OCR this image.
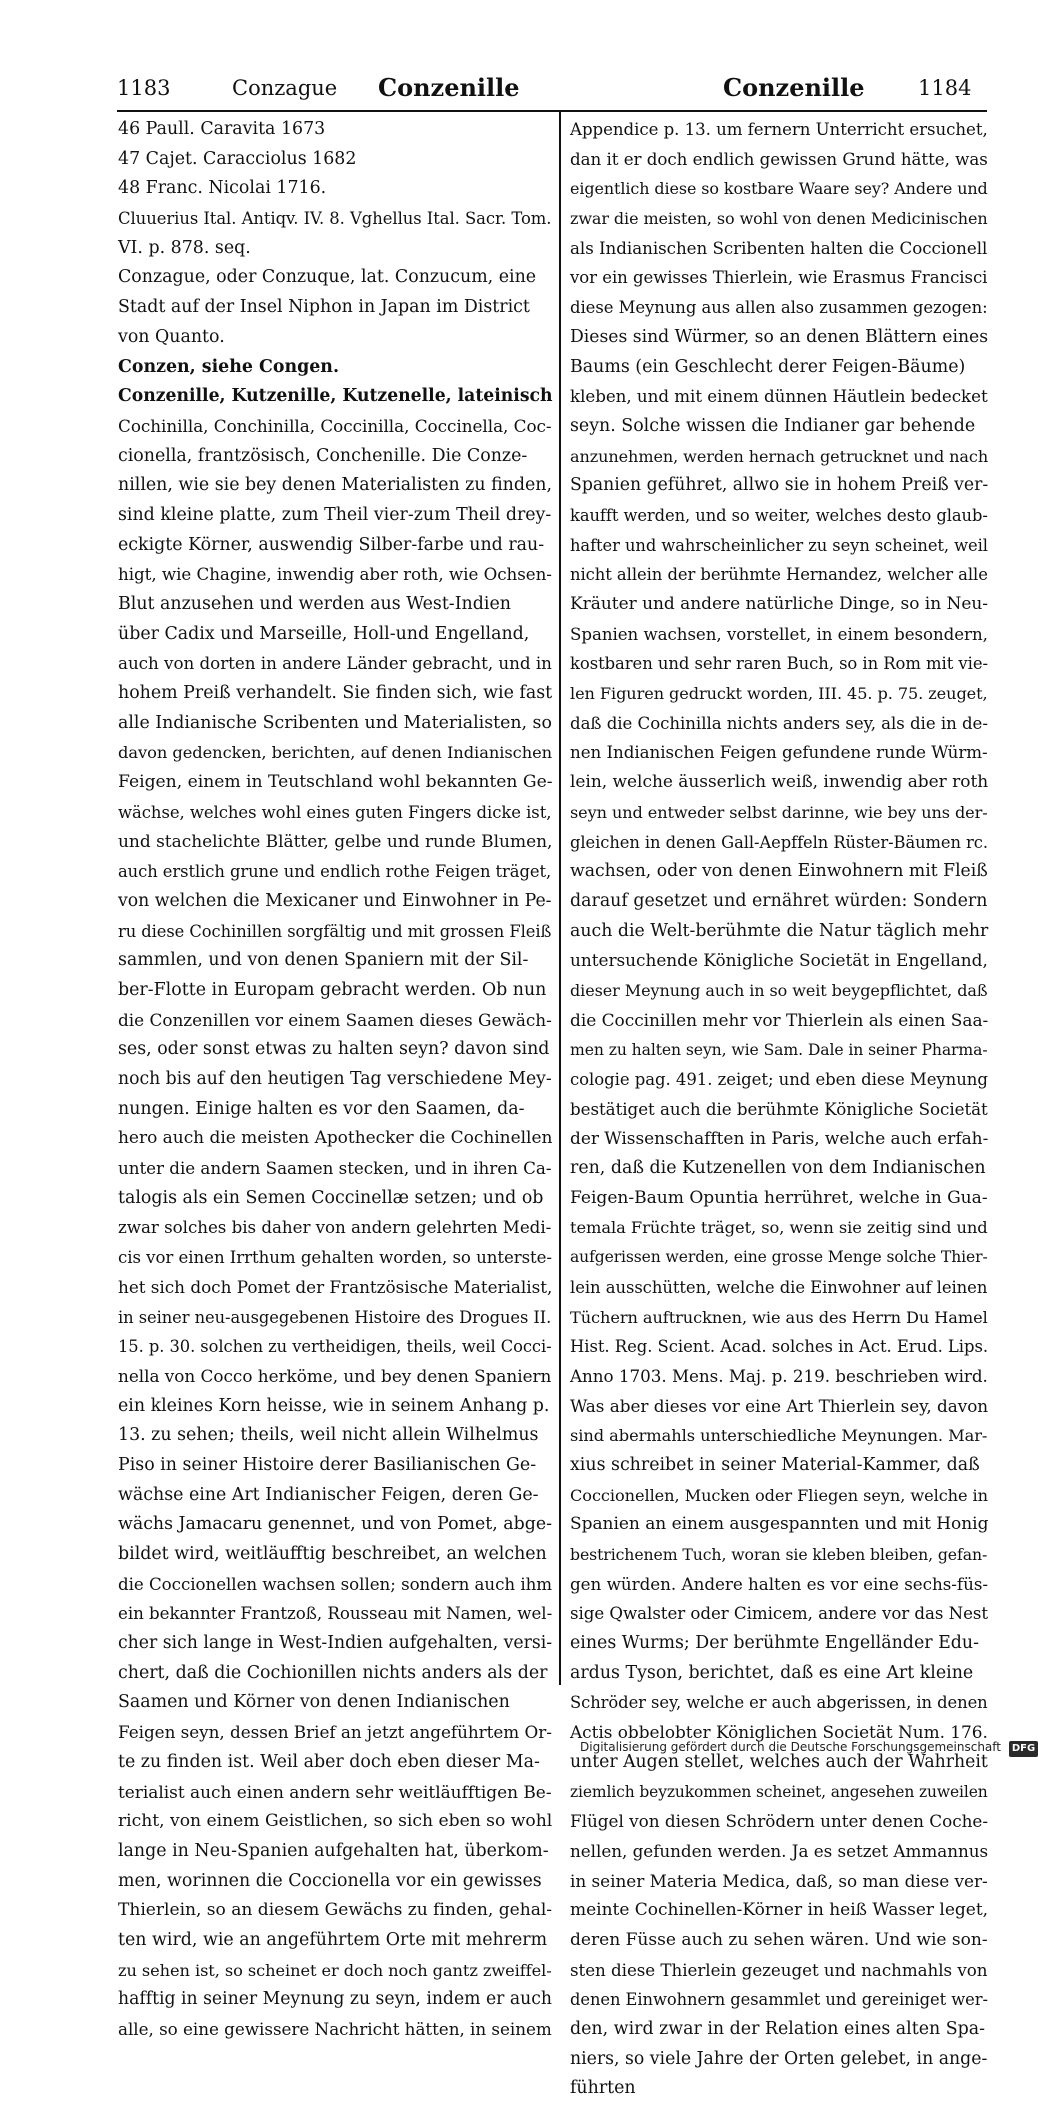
1183	Conzague Conzenille	Conzenille	1184
46 Paull. Caravita 1673
47 Cajet. Caracciolus 1682
48 Franc. Nicolai 1716.
Cluuerius Ital. Antiqv. IV. 8. Vghellus Ital. Sacr. Tom.
VI. p. 878. seq.
Conzague, oder Conzuque, lat. Conzucum, eine
Stadt auf der Insel Niphon in Japan im District
von Quanto.
Conzen, siehe Congen.
Conzenille, Kutzenille, Kutzenelle, lateinisch
Cochinilla, Conchinilla, Coccinilla, Coccinella, Coc-
cionella, frantzösisch, Conchenille. Die Conze-
nillen, wie sie bey denen Materialisten zu finden,
sind kleine platte, zum Theil vier-zum Theil drey-
eckigte Körner, auswendig Silber-farbe und rau-
higt, wie Chagine, inwendig aber roth, wie Ochsen-
Blut anzusehen und werden aus West-Indien
über Cadix und Marseille, Holl-und Engelland,
auch von dorten in andere Länder gebracht, und in
hohem Preiß verhandelt. Sie finden sich, wie fast
alle Indianische Scribenten und Materialisten, so
davon gedencken, berichten, auf denen Indianischen
Feigen, einem in Teutschland wohl bekannten Ge-
wächse, welches wohl eines guten Fingers dicke ist,
und stachelichte Blätter, gelbe und runde Blumen,
auch erstlich grune und endlich rothe Feigen träget,
von welchen die Mexicaner und Einwohner in Pe-
ru diese Cochinillen sorgfältig und mit grossen Fleiß
sammlen, und von denen Spaniern mit der Sil-
ber-Flotte in Europam gebracht werden. Ob nun
die Conzenillen vor einem Saamen dieses Gewäch-
ses, oder sonst etwas zu halten seyn? davon sind
noch bis auf den heutigen Tag verschiedene Mey-
nungen. Einige halten es vor den Saamen, da-
hero auch die meisten Apothecker die Cochinellen
unter die andern Saamen stecken, und in ihren Ca-
talogis als ein Semen Coccinellæ setzen; und ob
zwar solches bis daher von andern gelehrten Medi-
cis vor einen Irrthum gehalten worden, so unterste-
het sich doch Pomet der Frantzösische Materialist,
in seiner neu-ausgegebenen Histoire des Drogues II.
15. p. 30. solchen zu vertheidigen, theils, weil Cocci-
nella von Cocco herköme, und bey denen Spaniern
ein kleines Korn heisse, wie in seinem Anhang p.
13. zu sehen; theils, weil nicht allein Wilhelmus
Piso in seiner Histoire derer Basilianischen Ge-
wächse eine Art Indianischer Feigen, deren Ge-
wächs Jamacaru genennet, und von Pomet, abge-
bildet wird, weitläufftig beschreibet, an welchen
die Coccionellen wachsen sollen; sondern auch ihm
ein bekannter Frantzoß, Rousseau mit Namen, wel-
cher sich lange in West-Indien aufgehalten, versi-
chert, daß die Cochionillen nichts anders als der
Saamen und Körner von denen Indianischen
Feigen seyn, dessen Brief an jetzt angeführtem Or-
te zu finden ist. Weil aber doch eben dieser Ma-
terialist auch einen andern sehr weitläufftigen Be-
richt, von einem Geistlichen, so sich eben so wohl
lange in Neu-Spanien aufgehalten hat, überkom-
men, worinnen die Coccionella vor ein gewisses
Thierlein, so an diesem Gewächs zu finden, gehal-
ten wird, wie an angeführtem Orte mit mehrerm
zu sehen ist, so scheinet er doch noch gantz zweiffel-
hafftig in seiner Meynung zu seyn, indem er auch
alle, so eine gewissere Nachricht hätten, in seinem
Appendice p. 13. um fernern Unterricht ersuchet,
dan it er doch endlich gewissen Grund hätte, was
eigentlich diese so kostbare Waare sey? Andere und
zwar die meisten, so wohl von denen Medicinischen
als Indianischen Scribenten halten die Coccionell
vor ein gewisses Thierlein, wie Erasmus Francisci
diese Meynung aus allen also zusammen gezogen:
Dieses sind Würmer, so an denen Blättern eines
Baums (ein Geschlecht derer Feigen-Bäume)
kleben, und mit einem dünnen Häutlein bedecket
seyn. Solche wissen die Indianer gar behende
anzunehmen, werden hernach getrucknet und nach
Spanien geführet, allwo sie in hohem Preiß ver-
kaufft werden, und so weiter, welches desto glaub-
hafter und wahrscheinlicher zu seyn scheinet, weil
nicht allein der berühmte Hernandez, welcher alle
Kräuter und andere natürliche Dinge, so in Neu-
Spanien wachsen, vorstellet, in einem besondern,
kostbaren und sehr raren Buch, so in Rom mit vie-
len Figuren gedruckt worden, III. 45. p. 75. zeuget,
daß die Cochinilla nichts anders sey, als die in de-
nen Indianischen Feigen gefundene runde Würm-
lein, welche äusserlich weiß, inwendig aber roth
seyn und entweder selbst darinne, wie bey uns der-
gleichen in denen Gall-Aepffeln Rüster-Bäumen rc.
wachsen, oder von denen Einwohnern mit Fleiß
darauf gesetzet und ernähret würden: Sondern
auch die Welt-berühmte die Natur täglich mehr
untersuchende Königliche Societät in Engelland,
dieser Meynung auch in so weit beygepflichtet, daß
die Coccinillen mehr vor Thierlein als einen Saa-
men zu halten seyn, wie Sam. Dale in seiner Pharma-
cologie pag. 491. zeiget; und eben diese Meynung
bestätiget auch die berühmte Königliche Societät
der Wissenschafften in Paris, welche auch erfah-
ren, daß die Kutzenellen von dem Indianischen
Feigen-Baum Opuntia herrühret, welche in Gua-
temala Früchte träget, so, wenn sie zeitig sind und
aufgerissen werden, eine grosse Menge solche Thier-
lein ausschütten, welche die Einwohner auf leinen
Tüchern auftrucknen, wie aus des Herrn Du Hamel
Hist. Reg. Scient. Acad. solches in Act. Erud. Lips.
Anno 1703. Mens. Maj. p. 219. beschrieben wird.
Was aber dieses vor eine Art Thierlein sey, davon
sind abermahls unterschiedliche Meynungen. Mar-
xius schreibet in seiner Material-Kammer, daß
Coccionellen, Mucken oder Fliegen seyn, welche in
Spanien an einem ausgespannten und mit Honig
bestrichenem Tuch, woran sie kleben bleiben, gefan-
gen würden. Andere halten es vor eine sechs-füs-
sige Qwalster oder Cimicem, andere vor das Nest
eines Wurms; Der berühmte Engelländer Edu-
ardus Tyson, berichtet, daß es eine Art kleine
Schröder sey, welche er auch abgerissen, in denen
Actis obbelobter Königlichen Societät Num. 176.
unter Augen stellet, welches auch der Wahrheit
ziemlich beyzukommen scheinet, angesehen zuweilen
Flügel von diesen Schrödern unter denen Coche-
nellen, gefunden werden. Ja es setzet Ammannus
in seiner Materia Medica, daß, so man diese ver-
meinte Cochinellen-Körner in heiß Wasser leget,
deren Füsse auch zu sehen wären. Und wie son-
sten diese Thierlein gezeuget und nachmahls von
denen Einwohnern gesammlet und gereiniget wer-
den, wird zwar in der Relation eines alten Spa-
niers, so viele Jahre der Orten gelebet, in ange-
führten
Digitalisierung gefördert durch die Deutsche Forschungsgemeinschaft DFG
